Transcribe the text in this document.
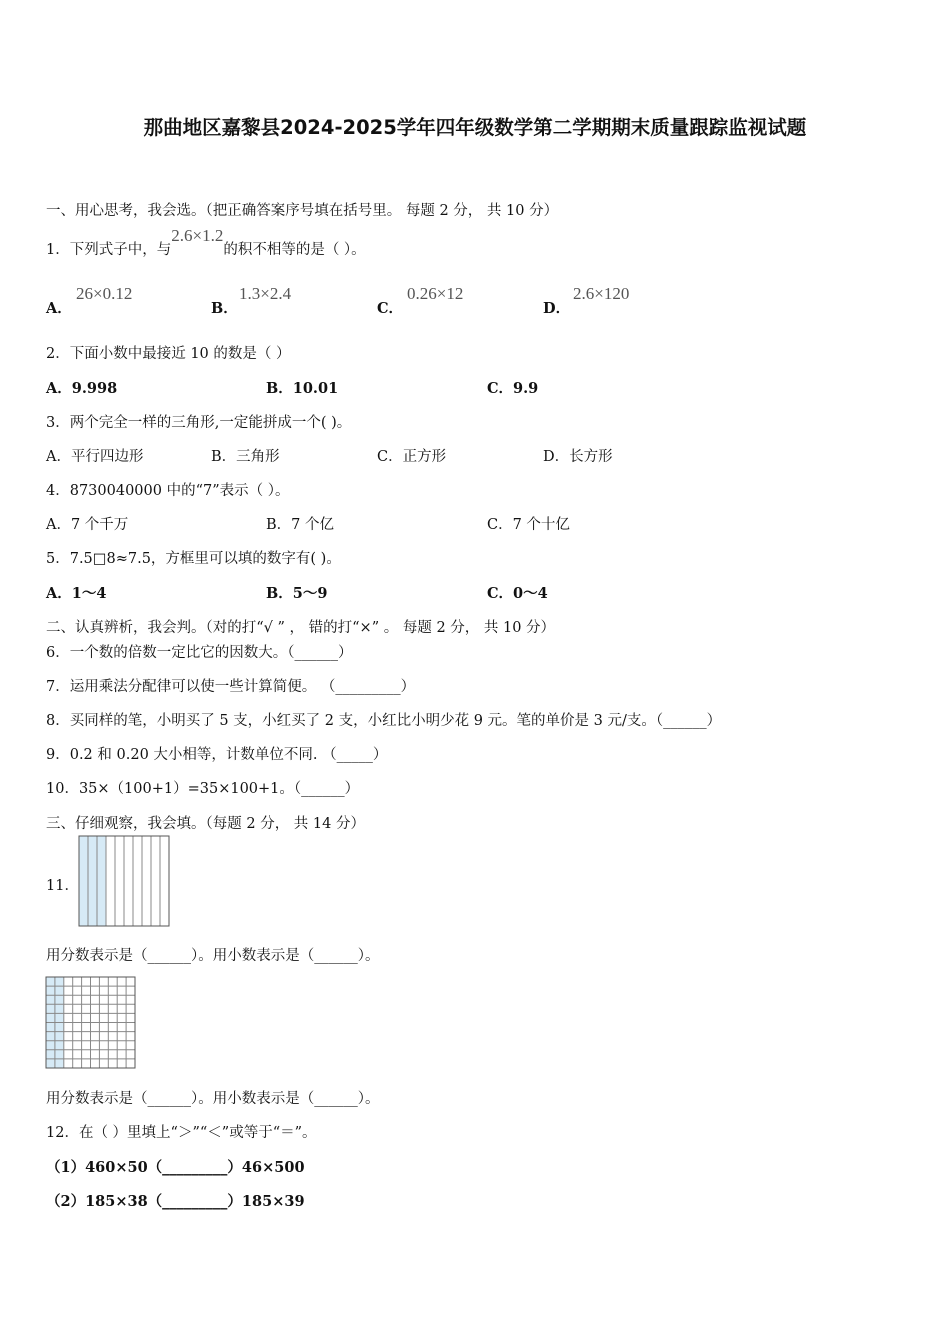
那曲地区嘉黎县2024-2025学年四年级数学第二学期期末质量跟踪监视试题
一、用心思考，我会选。（把正确答案序号填在括号里。 每题 2 分， 共 10 分）
1．下列式子中，与2.6×1.2的积不相等的是（ ）。
A．
26×0.12
B．
1.3×2.4
C．
0.26×12
D．
2.6×120
2．下面小数中最接近 10 的数是（ ）
A．9.998	B．10.01	C．9.9
3．两个完全一样的三角形,一定能拼成一个( )。
A．平行四边形	B．三角形	C．正方形	D．长方形
4．8730040000 中的“7”表示（ ）。
A．7 个千万	B．7 个亿	C．7 个十亿
5．7.5□8≈7.5，方框里可以填的数字有( )。
A．1～4	B．5～9	C．0～4
二、认真辨析，我会判。（对的打“√ ” ， 错的打“×” 。 每题 2 分， 共 10 分）
6．一个数的倍数一定比它的因数大。（______）
7．运用乘法分配律可以使一些计算简便。 （_________）
8．买同样的笔，小明买了 5 支，小红买了 2 支，小红比小明少花 9 元。笔的单价是 3 元/支。（______）
9．0.2 和 0.20 大小相等，计数单位不同. （_____）
10．35×（100+1）=35×100+1。（______）
三、仔细观察，我会填。（每题 2 分， 共 14 分）
11．
用分数表示是（______）。用小数表示是（______）。
用分数表示是（______）。用小数表示是（______）。
12．在（ ）里填上“＞”“＜”或等于“＝”。
（1）460×50（_________）46×500
（2）185×38（_________）185×39
